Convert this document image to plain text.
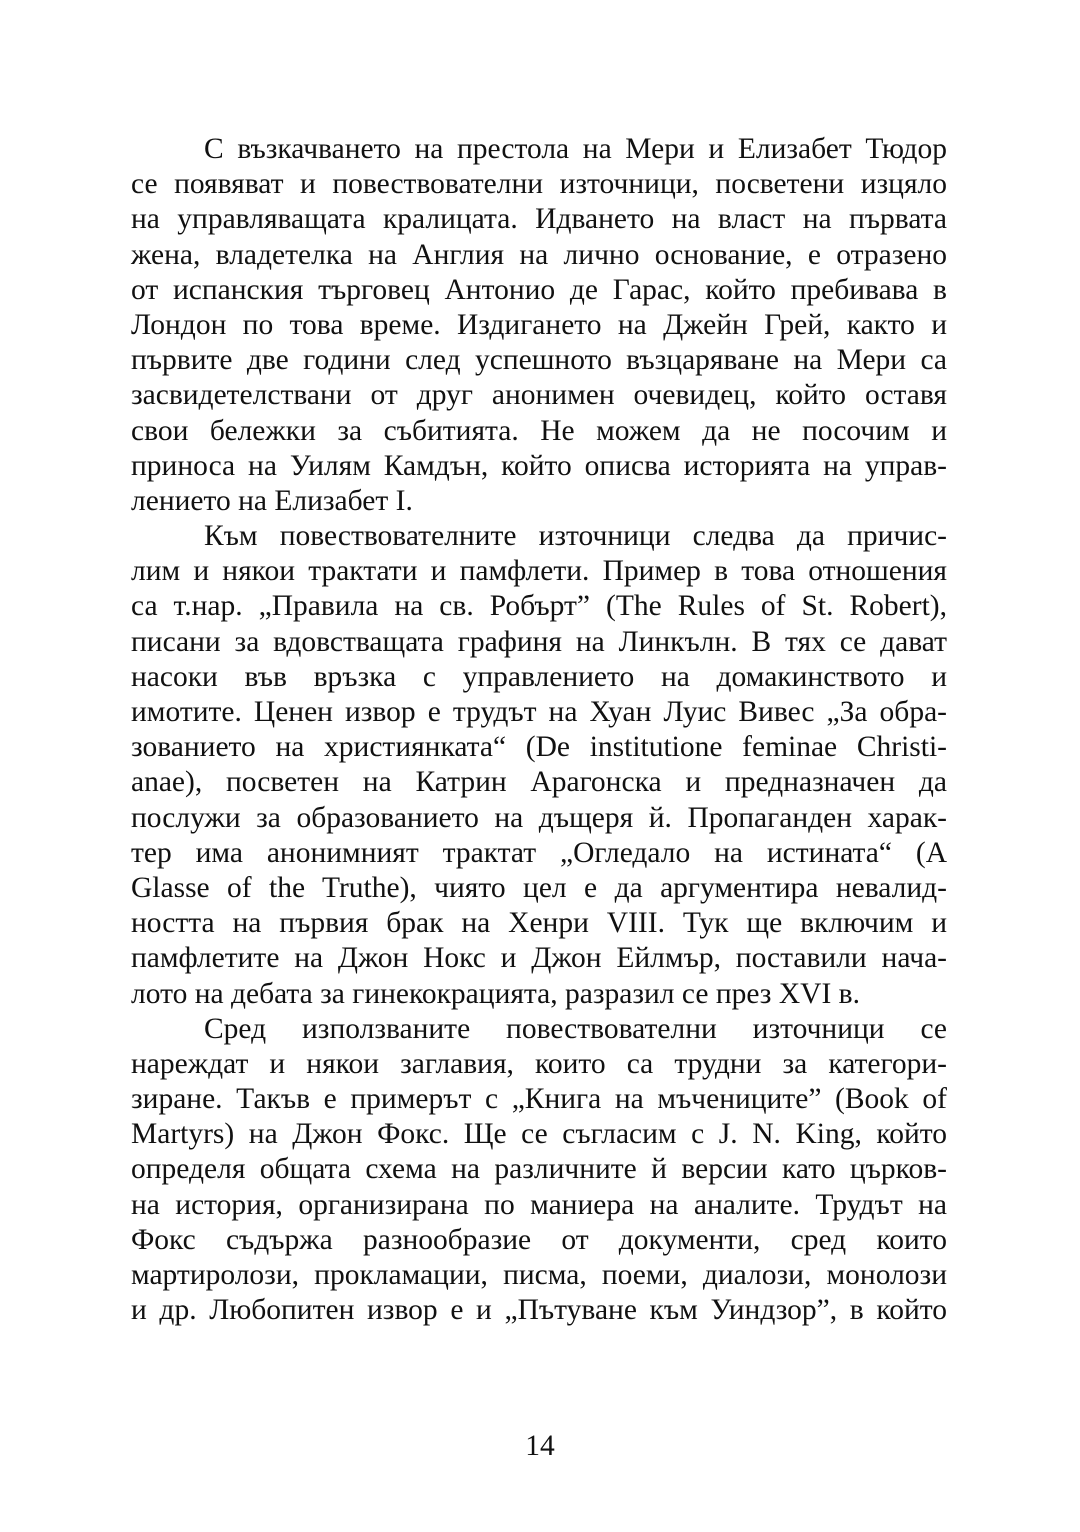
С възкачването на престола на Мери и Елизабет Тюдор
се появяват и повествователни източници, посветени изцяло
на управляващата кралицата. Идването на власт на първата
жена, владетелка на Англия на лично основание, е отразено
от испанския търговец Антонио де Гарас, който пребивава в
Лондон по това време. Издигането на Джейн Грей, както и
първите две години след успешното възцаряване на Мери са
засвидетелствани от друг анонимен очевидец, който оставя
свои бележки за събитията. Не можем да не посочим и
приноса на Уилям Камдън, който описва историята на управ-
лението на Елизабет I.
Към повествователните източници следва да причис-
лим и някои трактати и памфлети. Пример в това отношения
са т.нар. „Правила на св. Робърт” (The Rules of St. Robert),
писани за вдовстващата графиня на Линкълн. В тях се дават
насоки във връзка с управлението на домакинството и
имотите. Ценен извор е трудът на Хуан Луис Вивес „За обра-
зованието на християнката“ (De institutione feminae Christi-
anae), посветен на Катрин Арагонска и предназначен да
послужи за образованието на дъщеря й. Пропаганден харак-
тер има анонимният трактат „Огледало на истината“ (A
Glasse of the Truthe), чиято цел е да аргументира невалид-
ността на първия брак на Хенри VIII. Тук ще включим и
памфлетите на Джон Нокс и Джон Ейлмър, поставили нача-
лото на дебата за гинекокрацията, разразил се през XVI в.
Сред използваните повествователни източници се
нареждат и някои заглавия, които са трудни за категори-
зиране. Такъв е примерът с „Книга на мъчениците” (Book of
Martyrs) на Джон Фокс. Ще се съгласим с J. N. King, който
определя общата схема на различните й версии като църков-
на история, организирана по маниера на аналите. Трудът на
Фокс съдържа разнообразие от документи, сред които
мартиролози, прокламации, писма, поеми, диалози, монолози
и др. Любопитен извор е и „Пътуване към Уиндзор”, в който
14
